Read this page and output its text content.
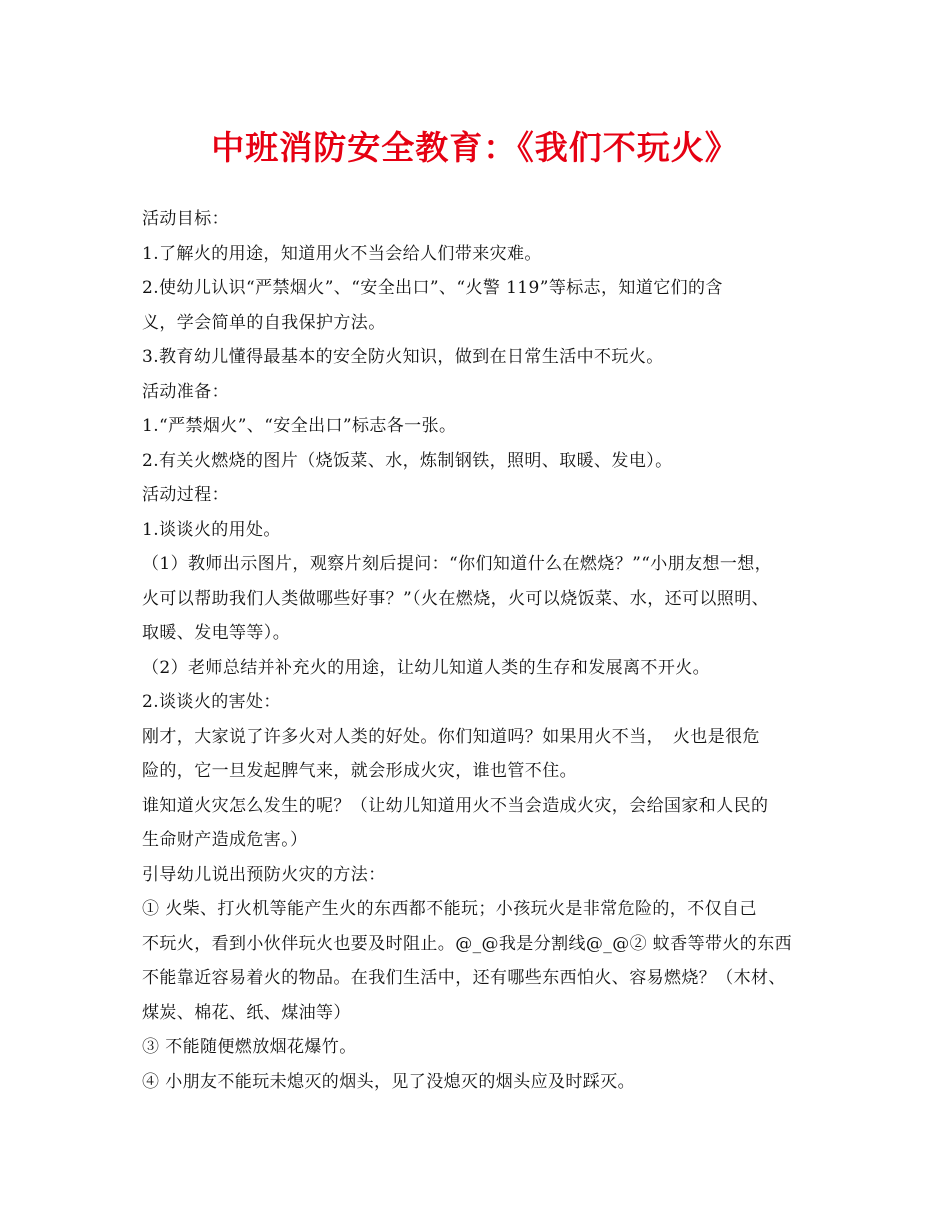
中班消防安全教育：《我们不玩火》
活动目标：
1.了解火的用途，知道用火不当会给人们带来灾难。
2.使幼儿认识“严禁烟火”、“安全出口”、“火警 119”等标志，知道它们的含
义，学会简单的自我保护方法。
3.教育幼儿懂得最基本的安全防火知识，做到在日常生活中不玩火。
活动准备：
1.“严禁烟火”、“安全出口”标志各一张。
2.有关火燃烧的图片（烧饭菜、水，炼制钢铁，照明、取暖、发电）。
活动过程：
1.谈谈火的用处。
（1）教师出示图片，观察片刻后提问：“你们知道什么在燃烧？”“小朋友想一想，
火可以帮助我们人类做哪些好事？”（火在燃烧，火可以烧饭菜、水，还可以照明、
取暖、发电等等）。
（2）老师总结并补充火的用途，让幼儿知道人类的生存和发展离不开火。
2.谈谈火的害处：
刚才，大家说了许多火对人类的好处。你们知道吗？如果用火不当，　火也是很危
险的，它一旦发起脾气来，就会形成火灾，谁也管不住。
谁知道火灾怎么发生的呢？（让幼儿知道用火不当会造成火灾，会给国家和人民的
生命财产造成危害。）
引导幼儿说出预防火灾的方法：
① 火柴、打火机等能产生火的东西都不能玩；小孩玩火是非常危险的，不仅自己
不玩火，看到小伙伴玩火也要及时阻止。@_@我是分割线@_@② 蚊香等带火的东西
不能靠近容易着火的物品。在我们生活中，还有哪些东西怕火、容易燃烧？（木材、
煤炭、棉花、纸、煤油等）
③ 不能随便燃放烟花爆竹。
④ 小朋友不能玩未熄灭的烟头，见了没熄灭的烟头应及时踩灭。
